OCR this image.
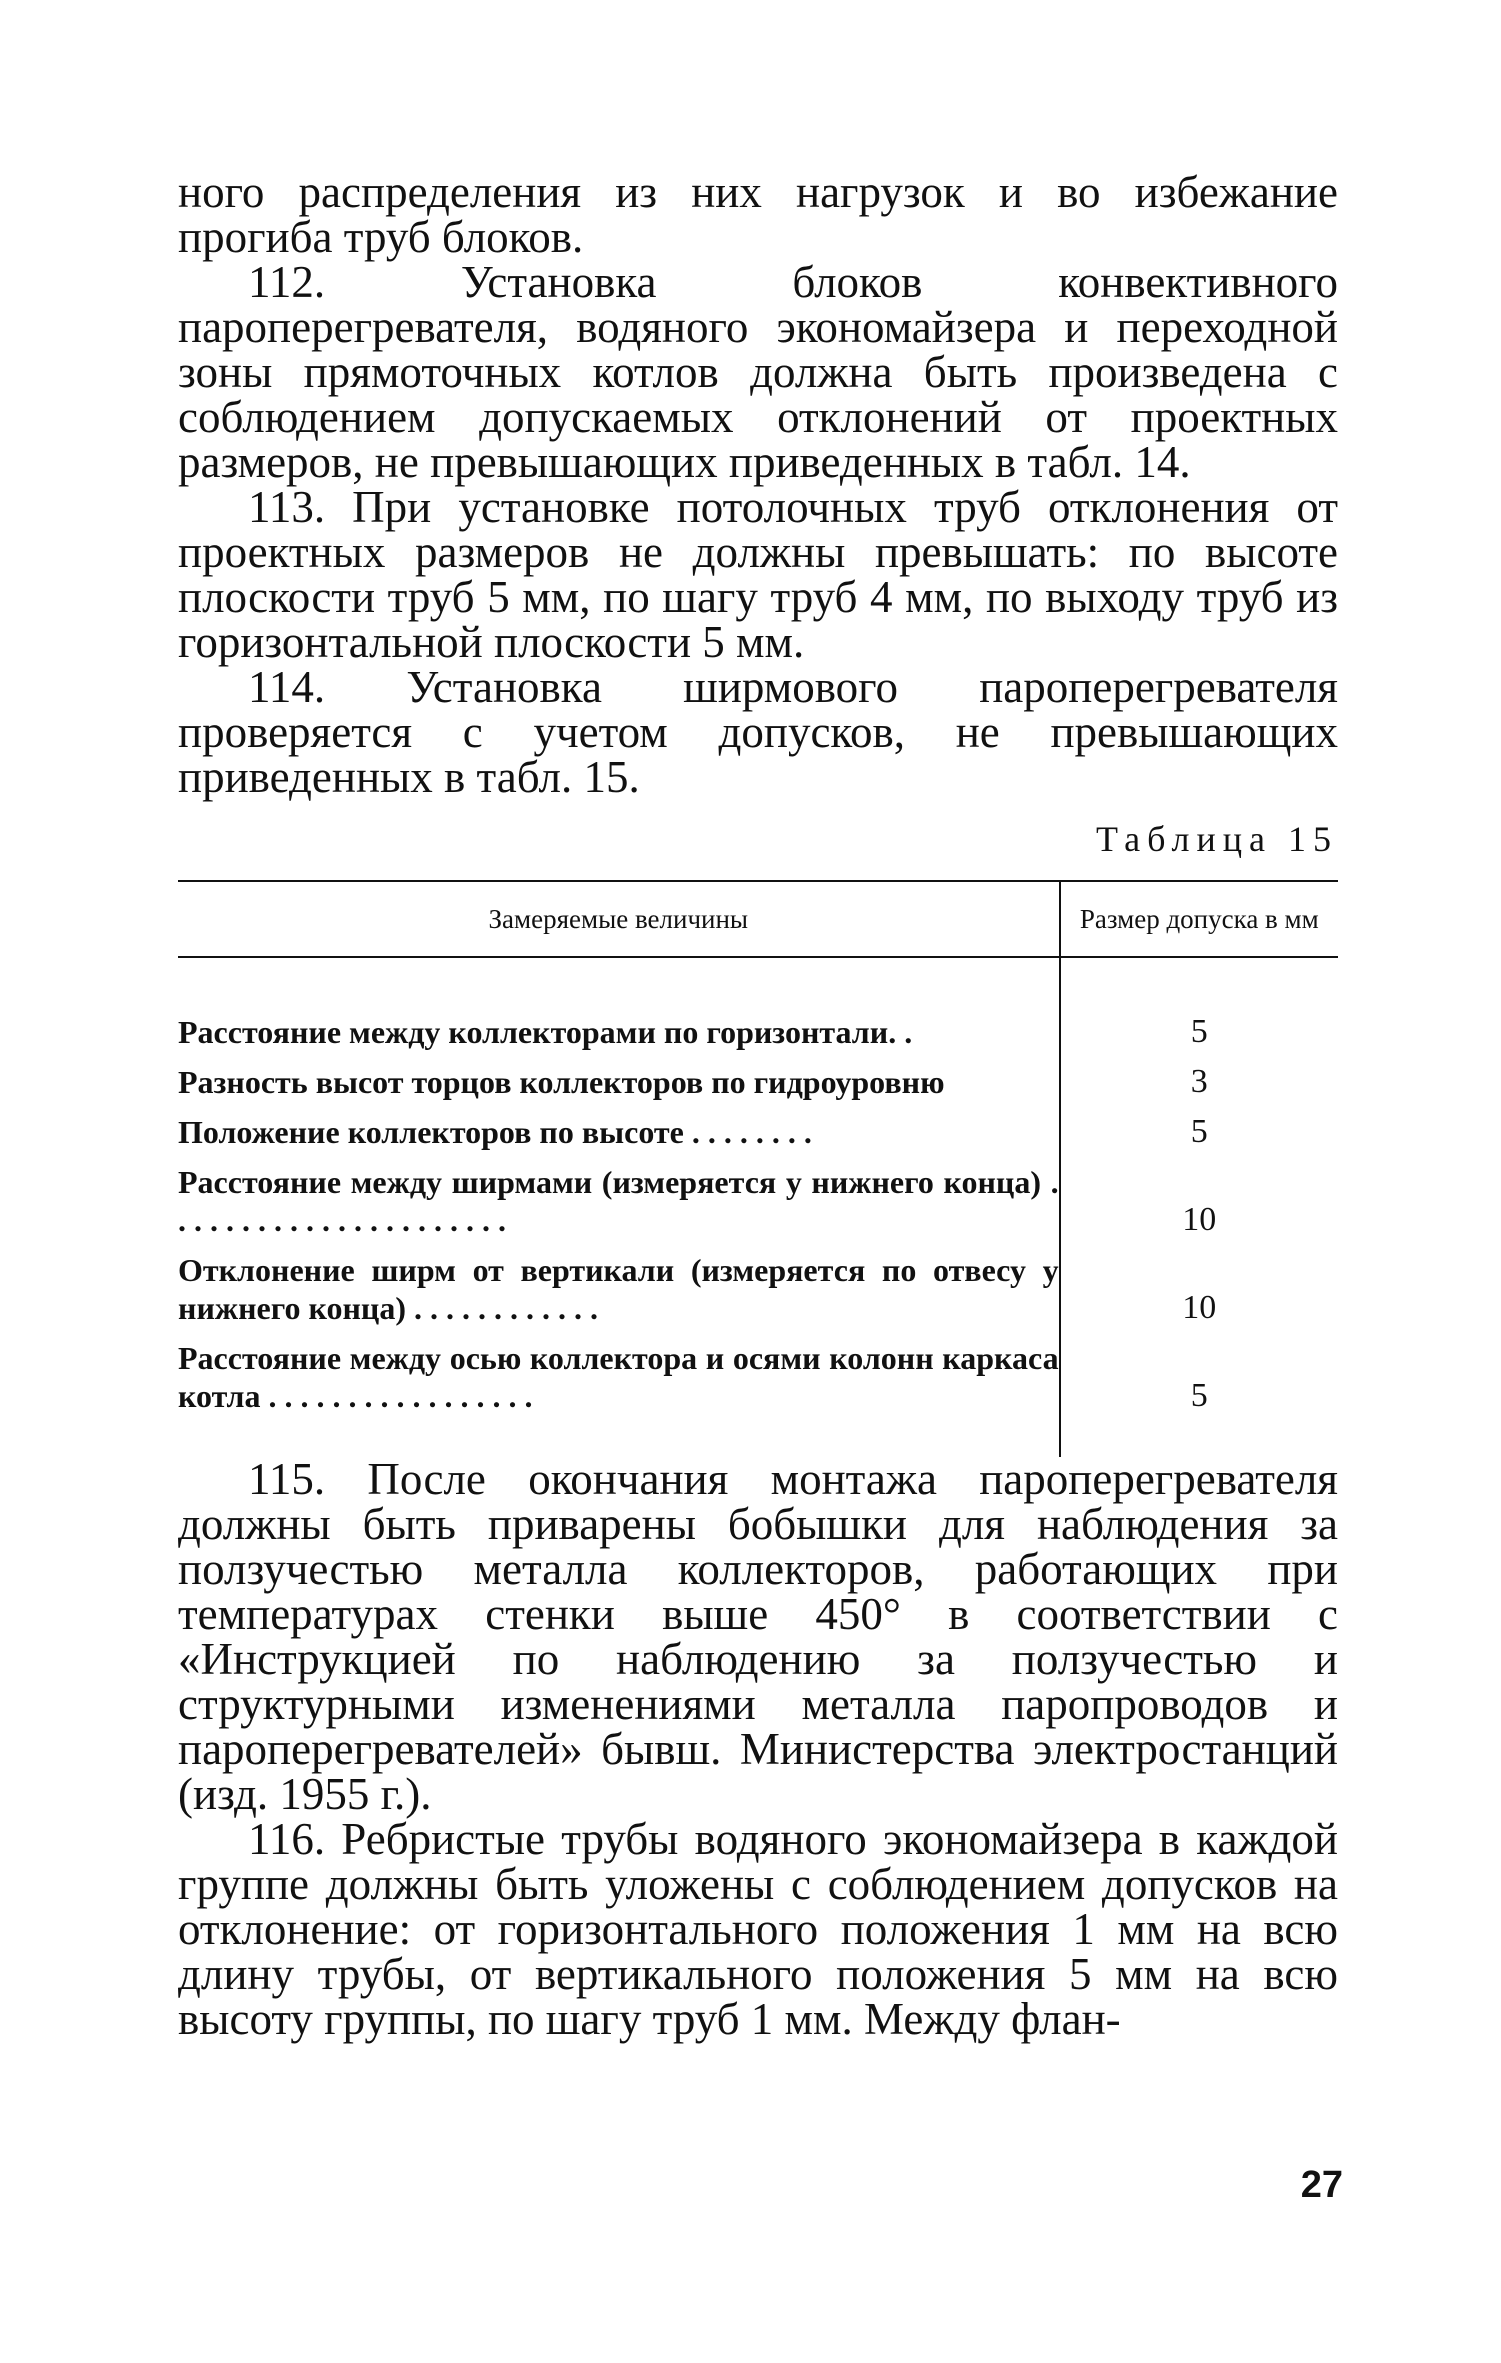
ного распределения из них нагрузок и во избежание прогиба труб блоков.

112. Установка блоков конвективного пароперегревателя, водяного экономайзера и переходной зоны прямоточных котлов должна быть произведена с соблюдением допускаемых отклонений от проектных размеров, не превышающих приведенных в табл. 14.

113. При установке потолочных труб отклонения от проектных размеров не должны превышать: по высоте плоскости труб 5 мм, по шагу труб 4 мм, по выходу труб из горизонтальной плоскости 5 мм.

114. Установка ширмового пароперегревателя проверяется с учетом допусков, не превышающих приведенных в табл. 15.

Таблица 15
Замеряемые величины	Размер допуска в мм
Расстояние между коллекторами по горизонтали. .	5
Разность высот торцов коллекторов по гидроуровню	3
Положение коллекторов по высоте . . . . . . . .	5
Расстояние между ширмами (измеряется у нижнего конца) . . . . . . . . . . . . . . . . . . . . . .	10
Отклонение ширм от вертикали (измеряется по отвесу у нижнего конца) . . . . . . . . . . . .	10
Расстояние между осью коллектора и осями колонн каркаса котла . . . . . . . . . . . . . . . . .	5

115. После окончания монтажа пароперегревателя должны быть приварены бобышки для наблюдения за ползучестью металла коллекторов, работающих при температурах стенки выше 450° в соответствии с «Инструкцией по наблюдению за ползучестью и структурными изменениями металла паропроводов и пароперегревателей» бывш. Министерства электростанций (изд. 1955 г.).

116. Ребристые трубы водяного экономайзера в каждой группе должны быть уложены с соблюдением допусков на отклонение: от горизонтального положения 1 мм на всю длину трубы, от вертикального положения 5 мм на всю высоту группы, по шагу труб 1 мм. Между флан-

27
